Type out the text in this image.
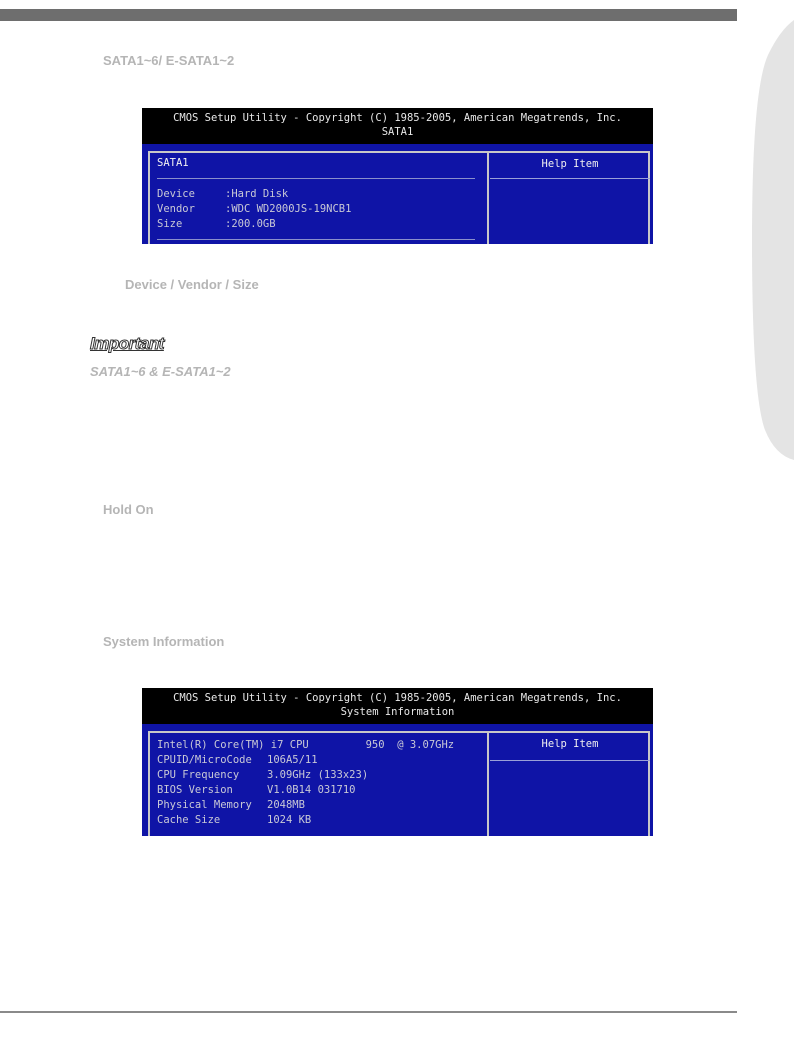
SATA1~6/ E-SATA1~2
CMOS Setup Utility - Copyright (C) 1985-2005, American Megatrends, Inc.
SATA1
Help Item
SATA1
Device	:Hard Disk
Vendor	:WDC WD2000JS-19NCB1
Size	:200.0GB
Device / Vendor / Size
Important
SATA1~6 & E-SATA1~2
Hold On
System Information
CMOS Setup Utility - Copyright (C) 1985-2005, American Megatrends, Inc.
System Information
Help Item
Intel(R) Core(TM) i7 CPU         950  @ 3.07GHz
CPUID/MicroCode 106A5/11
CPU Frequency	3.09GHz (133x23)
BIOS Version	V1.0B14 031710
Physical Memory 2048MB
Cache Size	1024 KB
